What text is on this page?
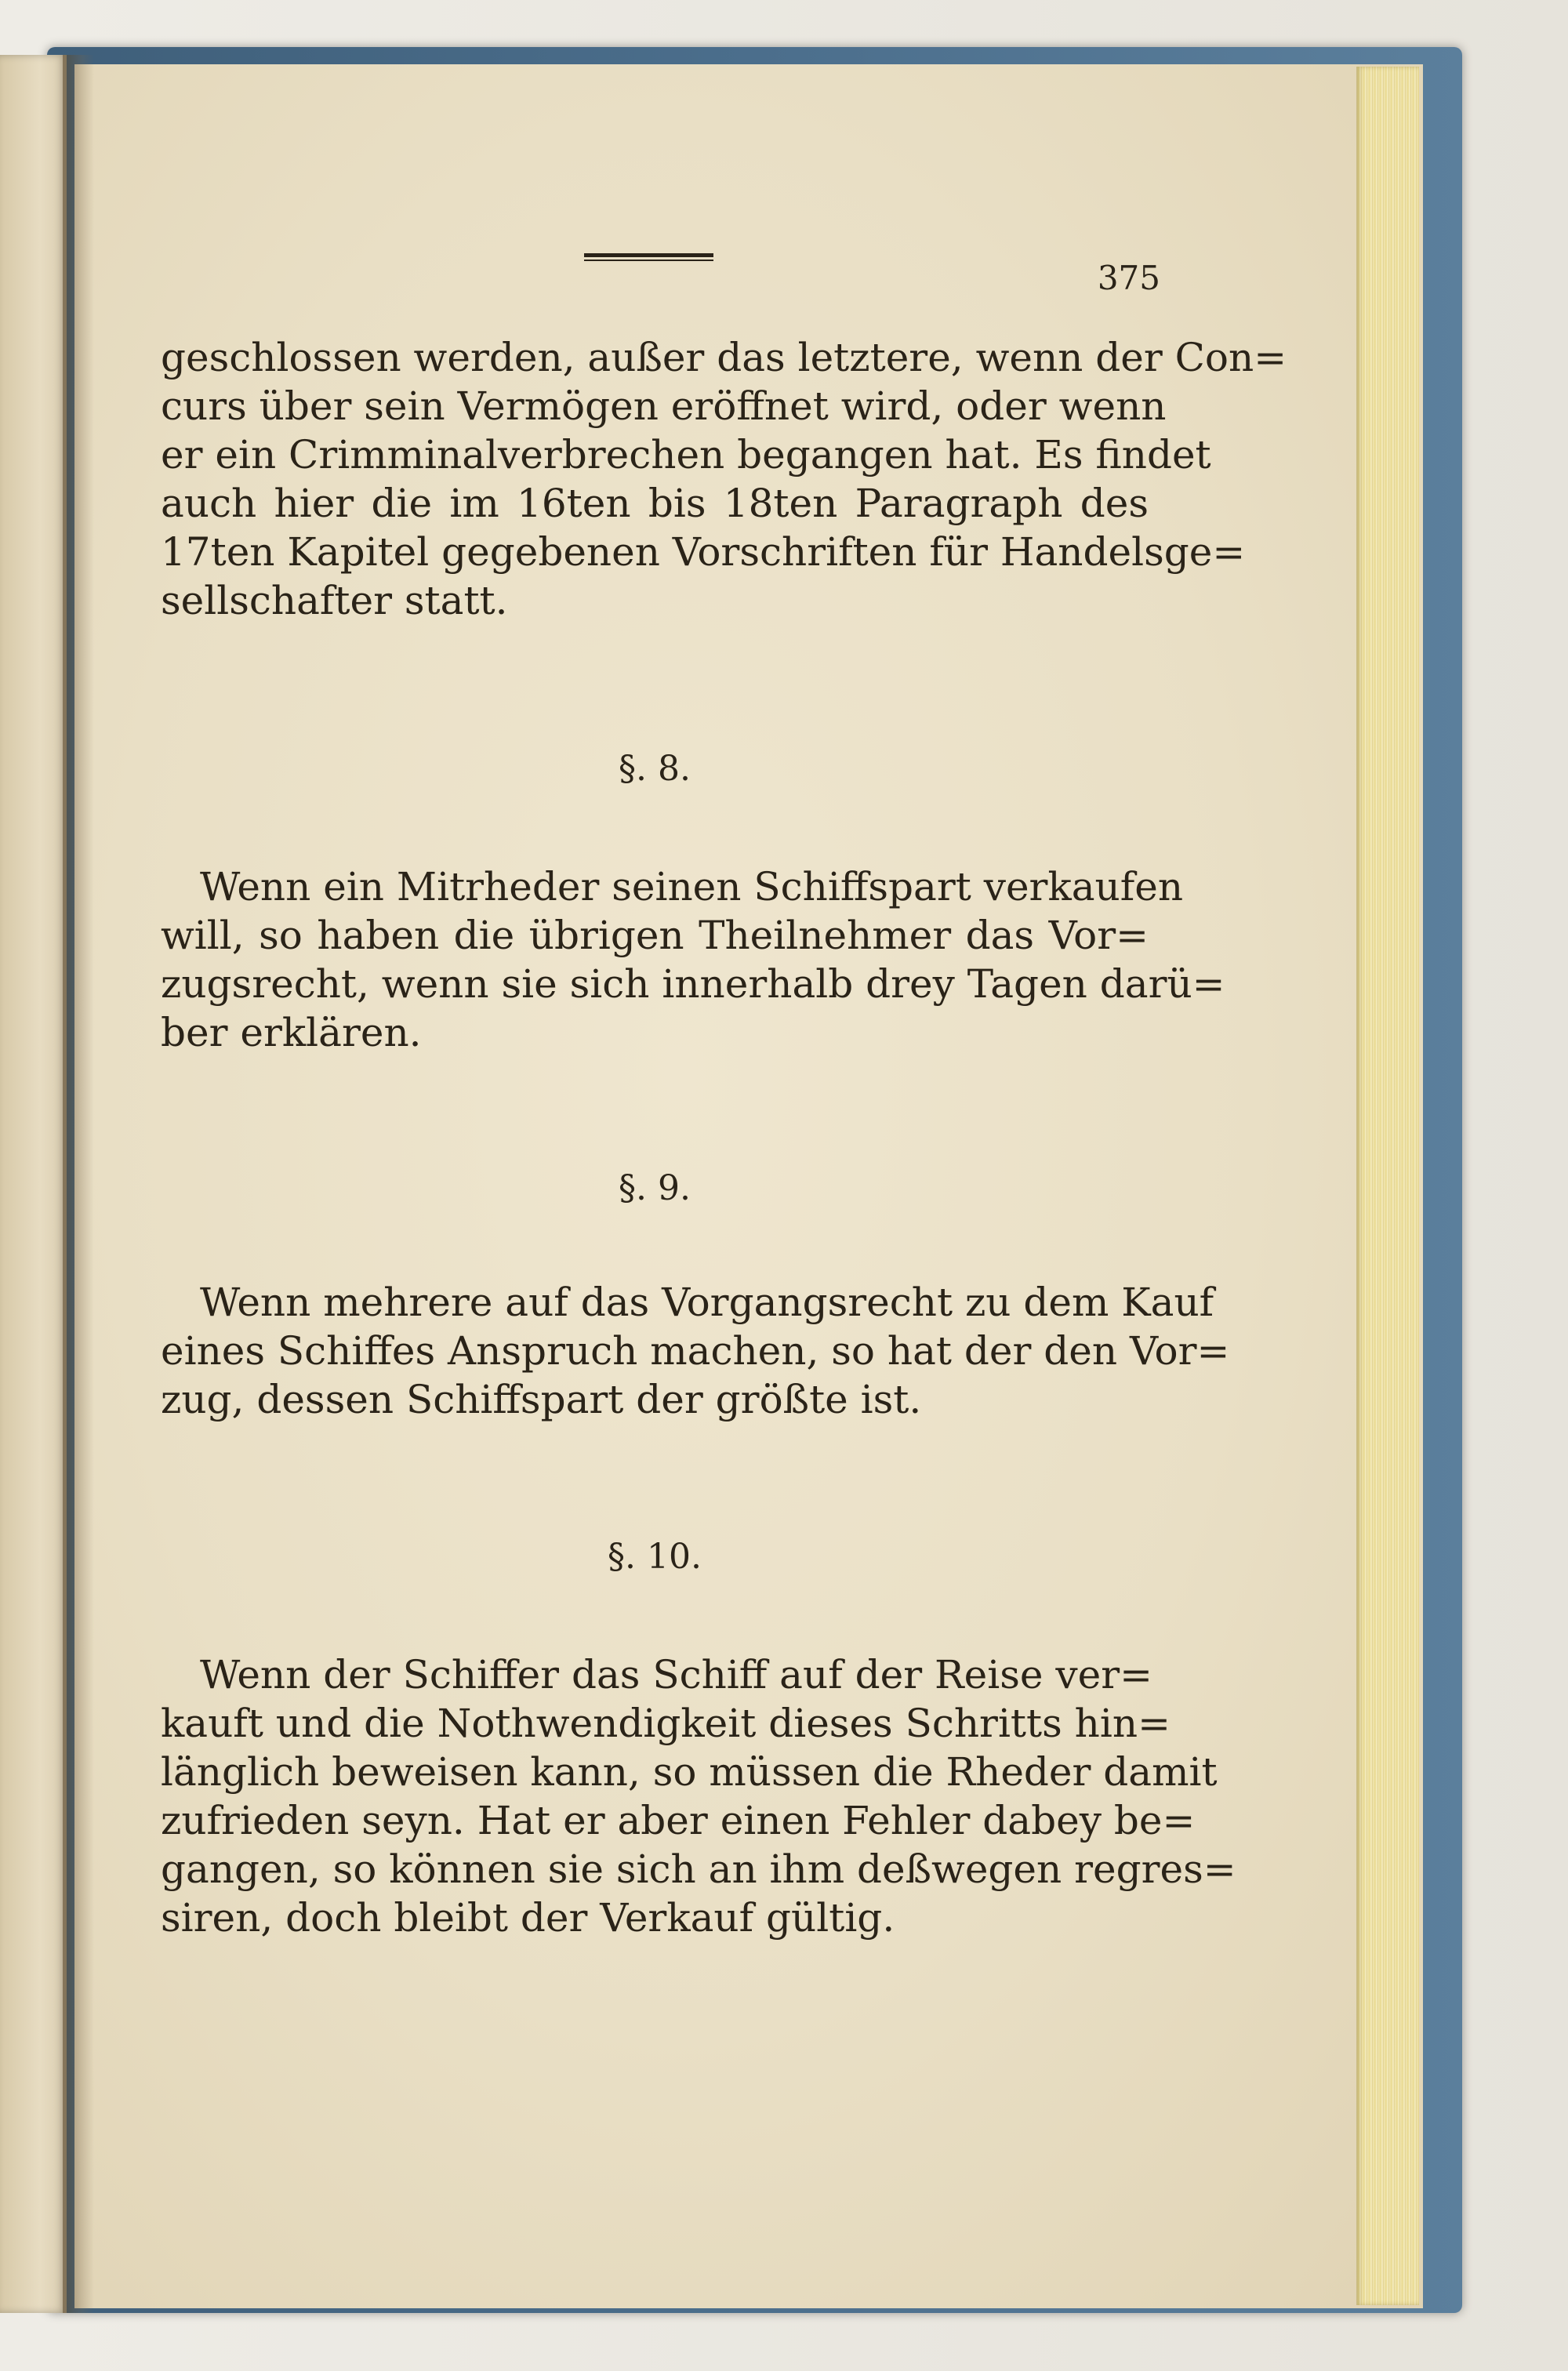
375
geschlossen werden, außer das letztere, wenn der Con=
curs über sein Vermögen eröffnet wird, oder wenn
er ein Crimminalverbrechen begangen hat. Es findet
auch hier die im 16ten bis 18ten Paragraph des
17ten Kapitel gegebenen Vorschriften für Handelsge=
sellschafter statt.
§. 8.
Wenn ein Mitrheder seinen Schiffspart verkaufen
will, so haben die übrigen Theilnehmer das Vor=
zugsrecht, wenn sie sich innerhalb drey Tagen darü=
ber erklären.
§. 9.
Wenn mehrere auf das Vorgangsrecht zu dem Kauf
eines Schiffes Anspruch machen, so hat der den Vor=
zug, dessen Schiffspart der größte ist.
§. 10.
Wenn der Schiffer das Schiff auf der Reise ver=
kauft und die Nothwendigkeit dieses Schritts hin=
länglich beweisen kann, so müssen die Rheder damit
zufrieden seyn. Hat er aber einen Fehler dabey be=
gangen, so können sie sich an ihm deßwegen regres=
siren, doch bleibt der Verkauf gültig.
